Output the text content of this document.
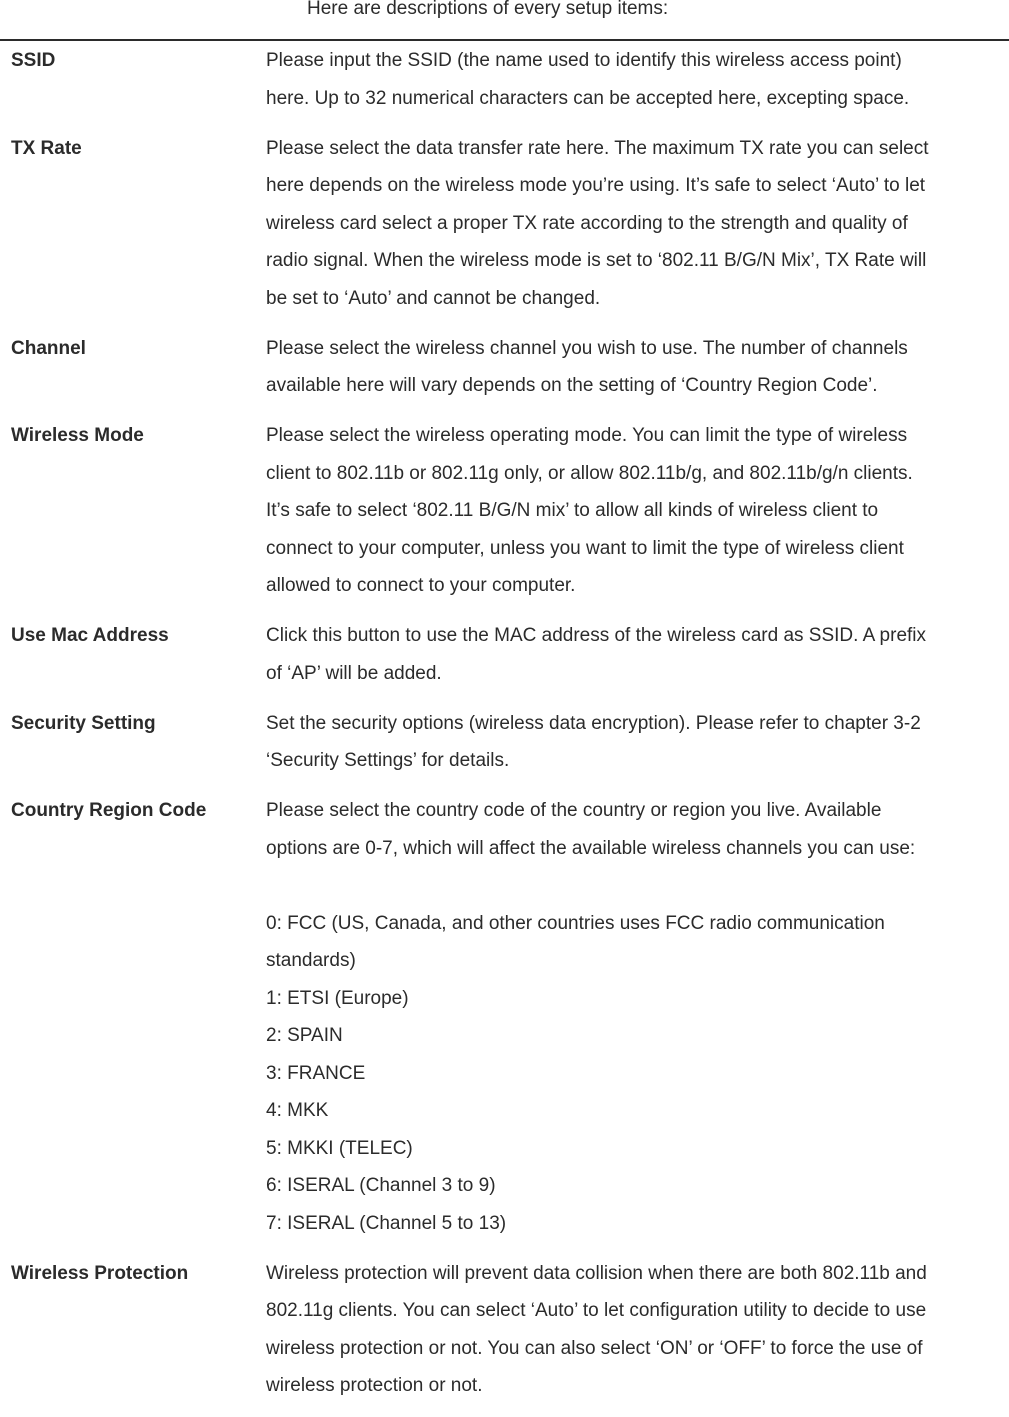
Here are descriptions of every setup items:
SSID	Please input the SSID (the name used to identify this wireless access point)
here. Up to 32 numerical characters can be accepted here, excepting space.
TX Rate	Please select the data transfer rate here. The maximum TX rate you can select
here depends on the wireless mode you’re using. It’s safe to select ‘Auto’ to let
wireless card select a proper TX rate according to the strength and quality of
radio signal. When the wireless mode is set to ‘802.11 B/G/N Mix’, TX Rate will
be set to ‘Auto’ and cannot be changed.
Channel	Please select the wireless channel you wish to use. The number of channels
available here will vary depends on the setting of ‘Country Region Code’.
Wireless Mode	Please select the wireless operating mode. You can limit the type of wireless
client to 802.11b or 802.11g only, or allow 802.11b/g, and 802.11b/g/n clients.
It’s safe to select ‘802.11 B/G/N mix’ to allow all kinds of wireless client to
connect to your computer, unless you want to limit the type of wireless client
allowed to connect to your computer.
Use Mac Address	Click this button to use the MAC address of the wireless card as SSID. A prefix
of ‘AP’ will be added.
Security Setting	Set the security options (wireless data encryption). Please refer to chapter 3-2
‘Security Settings’ for details.
Country Region Code	Please select the country code of the country or region you live. Available
options are 0-7, which will affect the available wireless channels you can use:
0: FCC (US, Canada, and other countries uses FCC radio communication
standards)
1: ETSI (Europe)
2: SPAIN
3: FRANCE
4: MKK
5: MKKI (TELEC)
6: ISERAL (Channel 3 to 9)
7: ISERAL (Channel 5 to 13)
Wireless Protection	Wireless protection will prevent data collision when there are both 802.11b and
802.11g clients. You can select ‘Auto’ to let configuration utility to decide to use
wireless protection or not. You can also select ‘ON’ or ‘OFF’ to force the use of
wireless protection or not.
